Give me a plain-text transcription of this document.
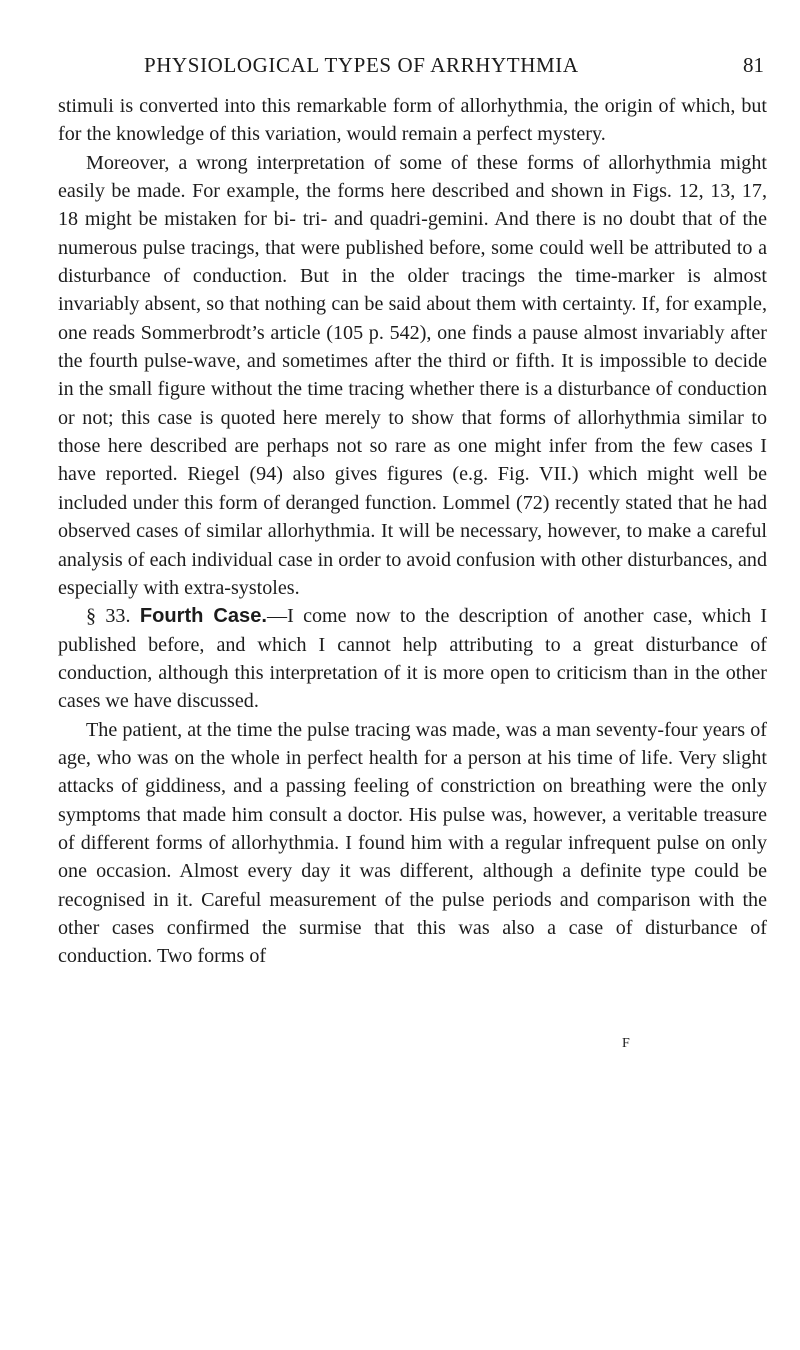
PHYSIOLOGICAL TYPES OF ARRHYTHMIA	81

stimuli is converted into this remarkable form of allorhythmia, the origin of which, but for the knowledge of this variation, would remain a perfect mystery.

Moreover, a wrong interpretation of some of these forms of allorhythmia might easily be made. For example, the forms here described and shown in Figs. 12, 13, 17, 18 might be mistaken for bi- tri- and quadri-gemini. And there is no doubt that of the numerous pulse tracings, that were published before, some could well be attributed to a disturbance of conduction. But in the older tracings the time-marker is almost invariably absent, so that nothing can be said about them with certainty. If, for example, one reads Sommerbrodt’s article (105 p. 542), one finds a pause almost invariably after the fourth pulse-wave, and sometimes after the third or fifth. It is impossible to decide in the small figure without the time tracing whether there is a disturbance of conduction or not; this case is quoted here merely to show that forms of allorhythmia similar to those here described are perhaps not so rare as one might infer from the few cases I have reported. Riegel (94) also gives figures (e.g. Fig. VII.) which might well be included under this form of deranged function. Lommel (72) recently stated that he had observed cases of similar allorhythmia. It will be necessary, however, to make a careful analysis of each individual case in order to avoid confusion with other disturbances, and especially with extra-systoles.

§ 33. Fourth Case.—I come now to the description of another case, which I published before, and which I cannot help attributing to a great disturbance of conduction, although this interpretation of it is more open to criticism than in the other cases we have discussed.

The patient, at the time the pulse tracing was made, was a man seventy-four years of age, who was on the whole in perfect health for a person at his time of life. Very slight attacks of giddiness, and a passing feeling of constriction on breathing were the only symptoms that made him consult a doctor. His pulse was, however, a veritable treasure of different forms of allorhythmia. I found him with a regular infrequent pulse on only one occasion. Almost every day it was different, although a definite type could be recognised in it. Careful measurement of the pulse periods and comparison with the other cases confirmed the surmise that this was also a case of disturbance of conduction. Two forms of

F
